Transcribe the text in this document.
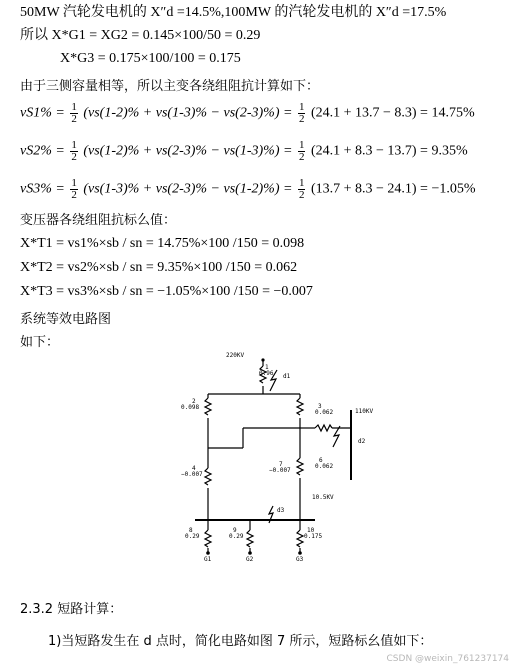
50MW 汽轮发电机的 X″d =14.5%,100MW 的汽轮发电机的 X″d =17.5%
所以 X*G1 = XG2 = 0.145×100/50 = 0.29
X*G3 = 0.175×100/100 = 0.175
由于三侧容量相等，所以主变各绕组阻抗计算如下：
$vS1\% = \frac{1}{2} (vs(1-2)\% + vs(1-3)\% - vs(2-3)\%) = \frac{1}{2} (24.1 + 13.7 - 8.3) = 14.75\%$
$vS2\% = \frac{1}{2} (vs(1-2)\% + vs(2-3)\% - vs(1-3)\%) = \frac{1}{2} (24.1 + 8.3 - 13.7) = 9.35\%$
$vS3\% = \frac{1}{2} (vs(1-3)\% + vs(2-3)\% - vs(1-2)\%) = \frac{1}{2} (13.7 + 8.3 - 24.1) = -1.05\%$
变压器各绕组阻抗标么值：
X*T1 = vs1%×sb / sn = 14.75%×100 /150 = 0.098
X*T2 = vs2%×sb / sn = 9.35%×100 /150 = 0.062
X*T3 = vs3%×sb / sn = −1.05%×100 /150 = −0.007
系统等效电路图
如下：
220KV
1
0.96 d1
2
0.098	3
0.062	110KV
d2
4
−0.007
7
−0.007
6
0.062
10.5KV
d3
8
0.29
9
0.29
10
0.175
G1	G2	G3
2.3.2 短路计算：
1)当短路发生在 d 点时，简化电路如图 7 所示，短路标幺值如下：
CSDN @weixin_761237174
